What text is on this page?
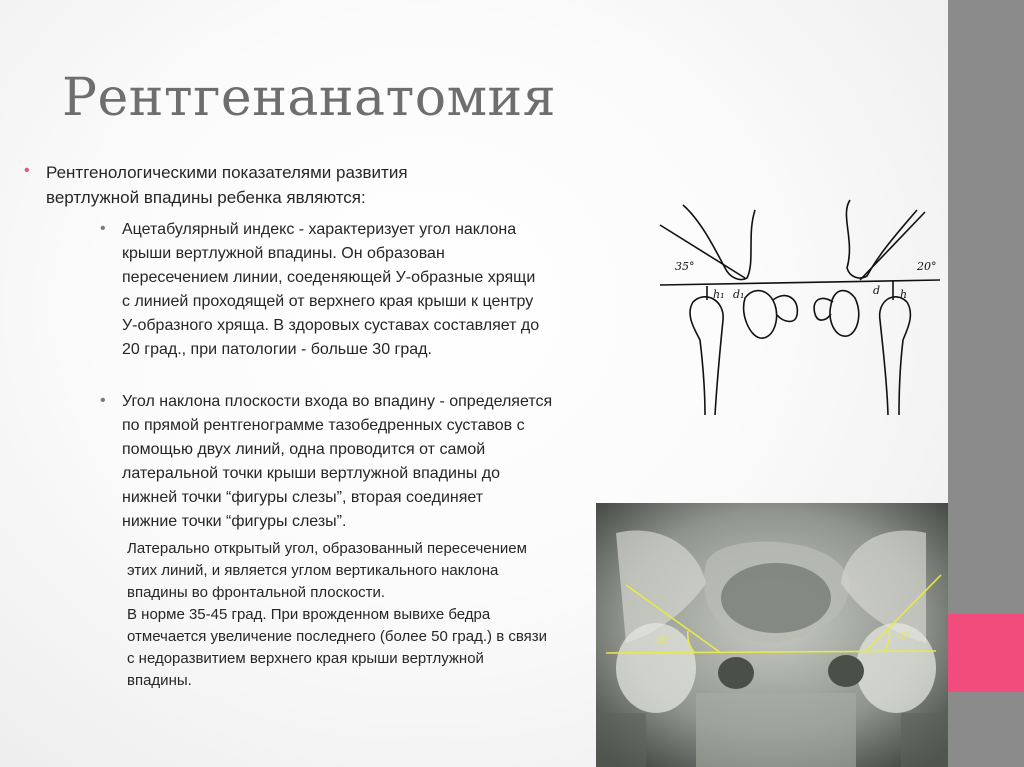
Рентгенанатомия
• Рентгенологическими показателями развития
вертлужной впадины ребенка являются:
• Ацетабулярный индекс - характеризует угол наклона
крыши вертлужной впадины. Он образован
пересечением линии, соеденяющей У-образные хрящи
с линией проходящей от верхнего края крыши к центру
У-образного хряща. В здоровых суставах составляет до
20 град., при патологии - больше 30 град.
• Угол наклона плоскости входа во впадину - определяется
по прямой рентгенограмме тазобедренных суставов с
помощью двух линий, одна проводится от самой
латеральной точки крыши вертлужной впадины до
нижней точки “фигуры слезы”, вторая соединяет
нижние точки “фигуры слезы”.
35°	20°
h₁ d₁	d h
35°	45°
Латерально открытый угол, образованный пересечением
этих линий, и является углом вертикального наклона
впадины во фронтальной плоскости.
В норме 35-45 град. При врожденном вывихе бедра
отмечается увеличение последнего (более 50 град.) в связи
с недоразвитием верхнего края крыши вертлужной
впадины.
